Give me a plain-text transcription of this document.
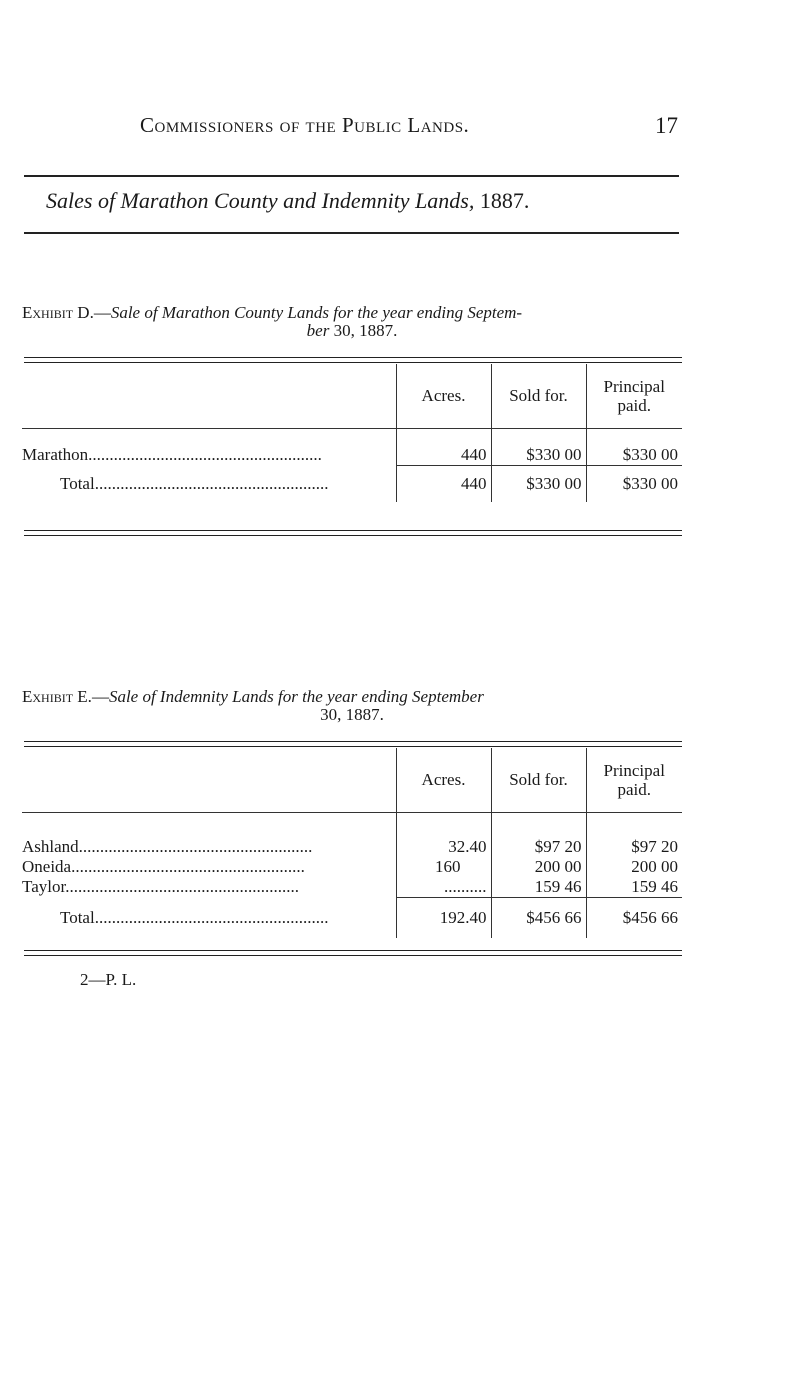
Commissioners of the Public Lands.	17
Sales of Marathon County and Indemnity Lands, 1887.
Exhibit D.—Sale of Marathon County Lands for the year ending Septem-
ber 30, 1887.
	Acres.	Sold for.	Principal
paid.

Marathon.......................................................	440	$330 00	$330 00
Total.......................................................	440	$330 00	$330 00
Exhibit E.—Sale of Indemnity Lands for the year ending September
30, 1887.
	Acres.	Sold for.	Principal
paid.

Ashland.......................................................	32.40	$97 20	$97 20
Oneida.......................................................	160	200 00	200 00
Taylor.......................................................	..........	159 46	159 46
Total.......................................................	192.40	$456 66	$456 66
2—P. L.
